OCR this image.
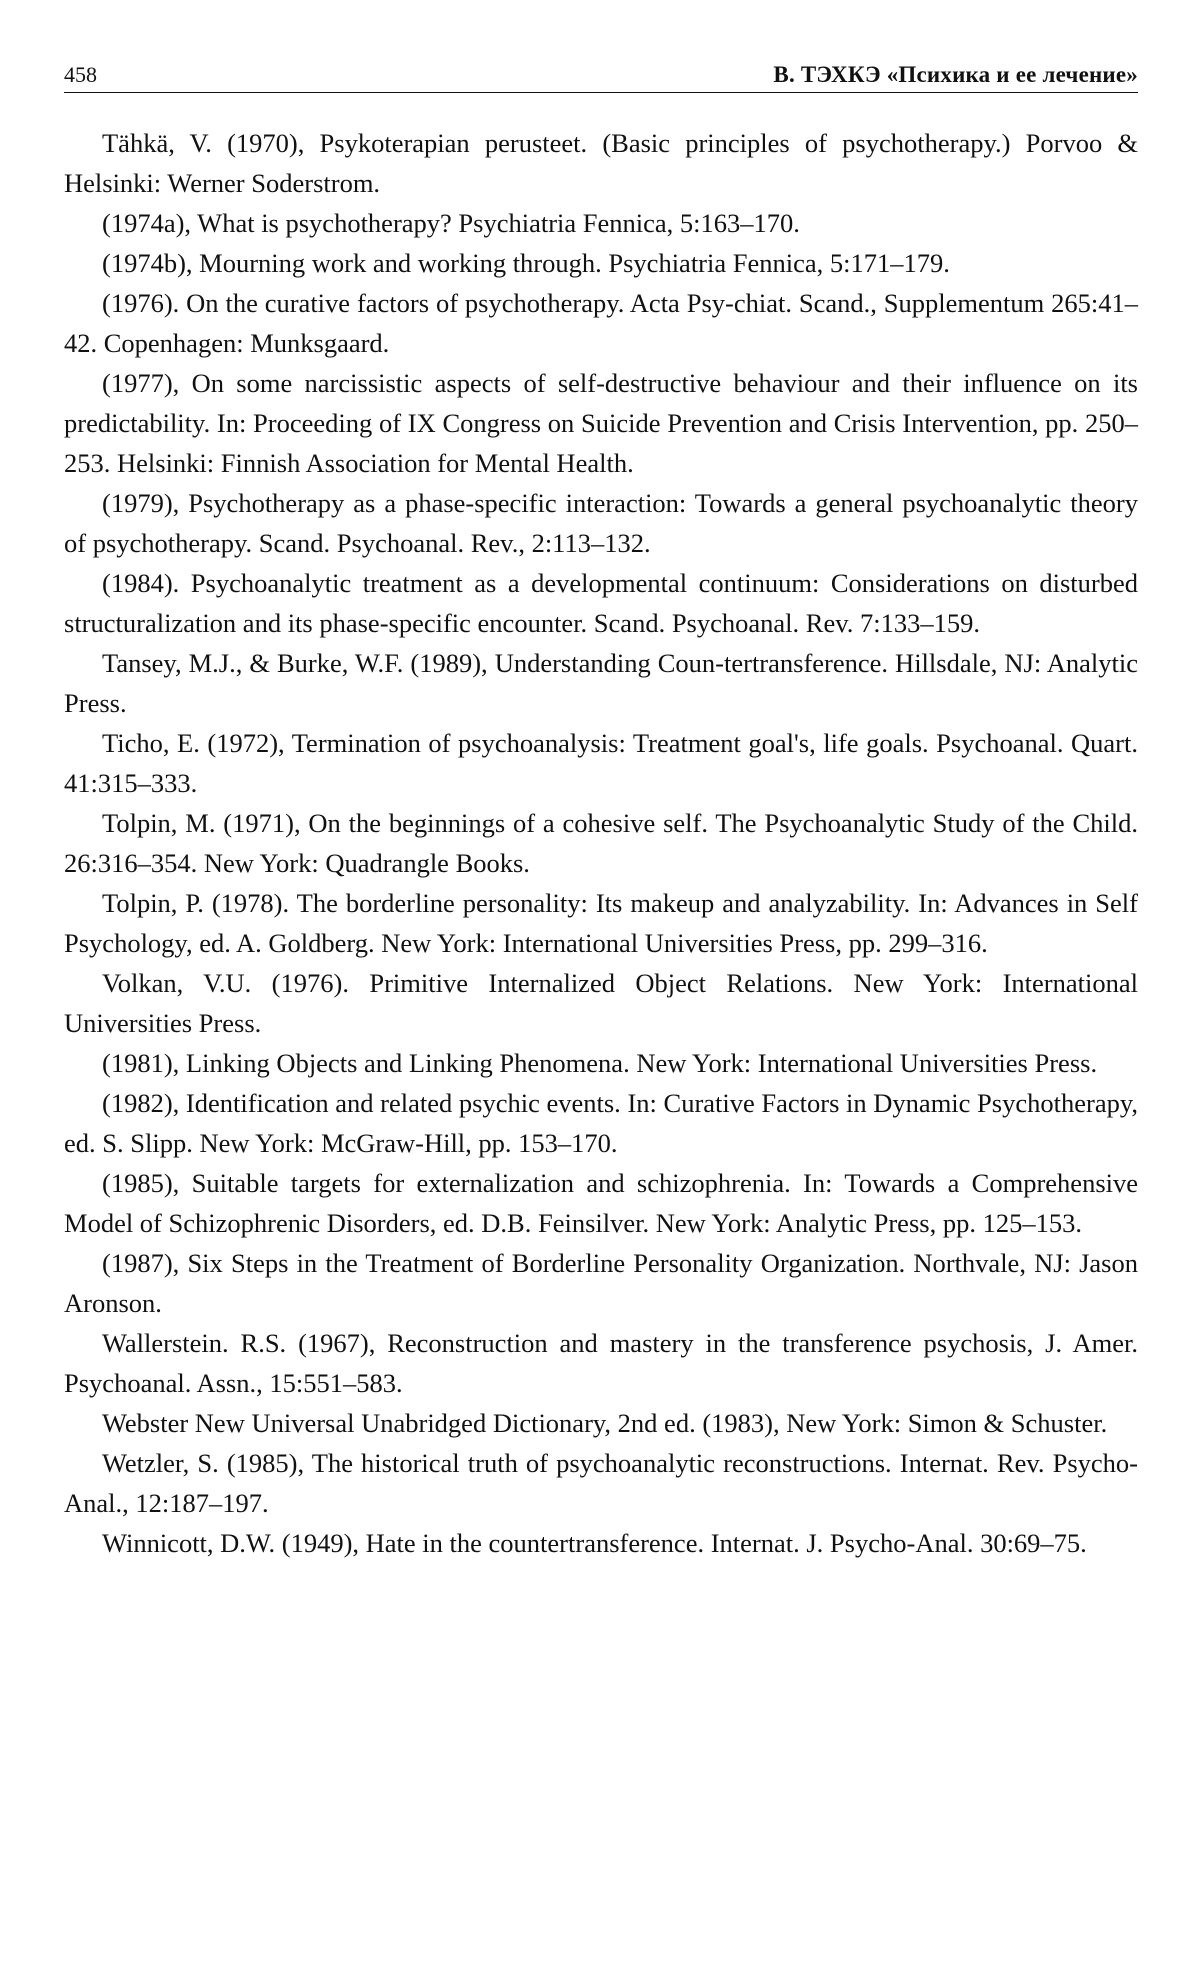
458	В. ТЭХКЭ «Психика и ее лечение»

Tähkä, V. (1970), Psykoterapian perusteet. (Basic principles of psychotherapy.) Porvoo & Helsinki: Werner Soderstrom.

(1974a), What is psychotherapy? Psychiatria Fennica, 5:163–170.

(1974b), Mourning work and working through. Psychiatria Fennica, 5:171–179.

(1976). On the curative factors of psychotherapy. Acta Psy-chiat. Scand., Supplementum 265:41–42. Copenhagen: Munksgaard.

(1977), On some narcissistic aspects of self-destructive behaviour and their influence on its predictability. In: Proceeding of IX Congress on Suicide Prevention and Crisis Intervention, pp. 250–253. Helsinki: Finnish Association for Mental Health.

(1979), Psychotherapy as a phase-specific interaction: Towards a general psychoanalytic theory of psychotherapy. Scand. Psychoanal. Rev., 2:113–132.

(1984). Psychoanalytic treatment as a developmental continuum: Considerations on disturbed structuralization and its phase-specific encounter. Scand. Psychoanal. Rev. 7:133–159.

Tansey, M.J., & Burke, W.F. (1989), Understanding Coun-tertransference. Hillsdale, NJ: Analytic Press.

Ticho, E. (1972), Termination of psychoanalysis: Treatment goal's, life goals. Psychoanal. Quart. 41:315–333.

Tolpin, M. (1971), On the beginnings of a cohesive self. The Psychoanalytic Study of the Child. 26:316–354. New York: Quadrangle Books.

Tolpin, P. (1978). The borderline personality: Its makeup and analyzability. In: Advances in Self Psychology, ed. A. Goldberg. New York: International Universities Press, pp. 299–316.

Volkan, V.U. (1976). Primitive Internalized Object Relations. New York: International Universities Press.

(1981), Linking Objects and Linking Phenomena. New York: International Universities Press.

(1982), Identification and related psychic events. In: Curative Factors in Dynamic Psychotherapy, ed. S. Slipp. New York: McGraw-Hill, pp. 153–170.

(1985), Suitable targets for externalization and schizophrenia. In: Towards a Comprehensive Model of Schizophrenic Disorders, ed. D.B. Feinsilver. New York: Analytic Press, pp. 125–153.

(1987), Six Steps in the Treatment of Borderline Personality Organization. Northvale, NJ: Jason Aronson.

Wallerstein. R.S. (1967), Reconstruction and mastery in the transference psychosis, J. Amer. Psychoanal. Assn., 15:551–583.

Webster New Universal Unabridged Dictionary, 2nd ed. (1983), New York: Simon & Schuster.

Wetzler, S. (1985), The historical truth of psychoanalytic reconstructions. Internat. Rev. Psycho-Anal., 12:187–197.

Winnicott, D.W. (1949), Hate in the countertransference. Internat. J. Psycho-Anal. 30:69–75.
